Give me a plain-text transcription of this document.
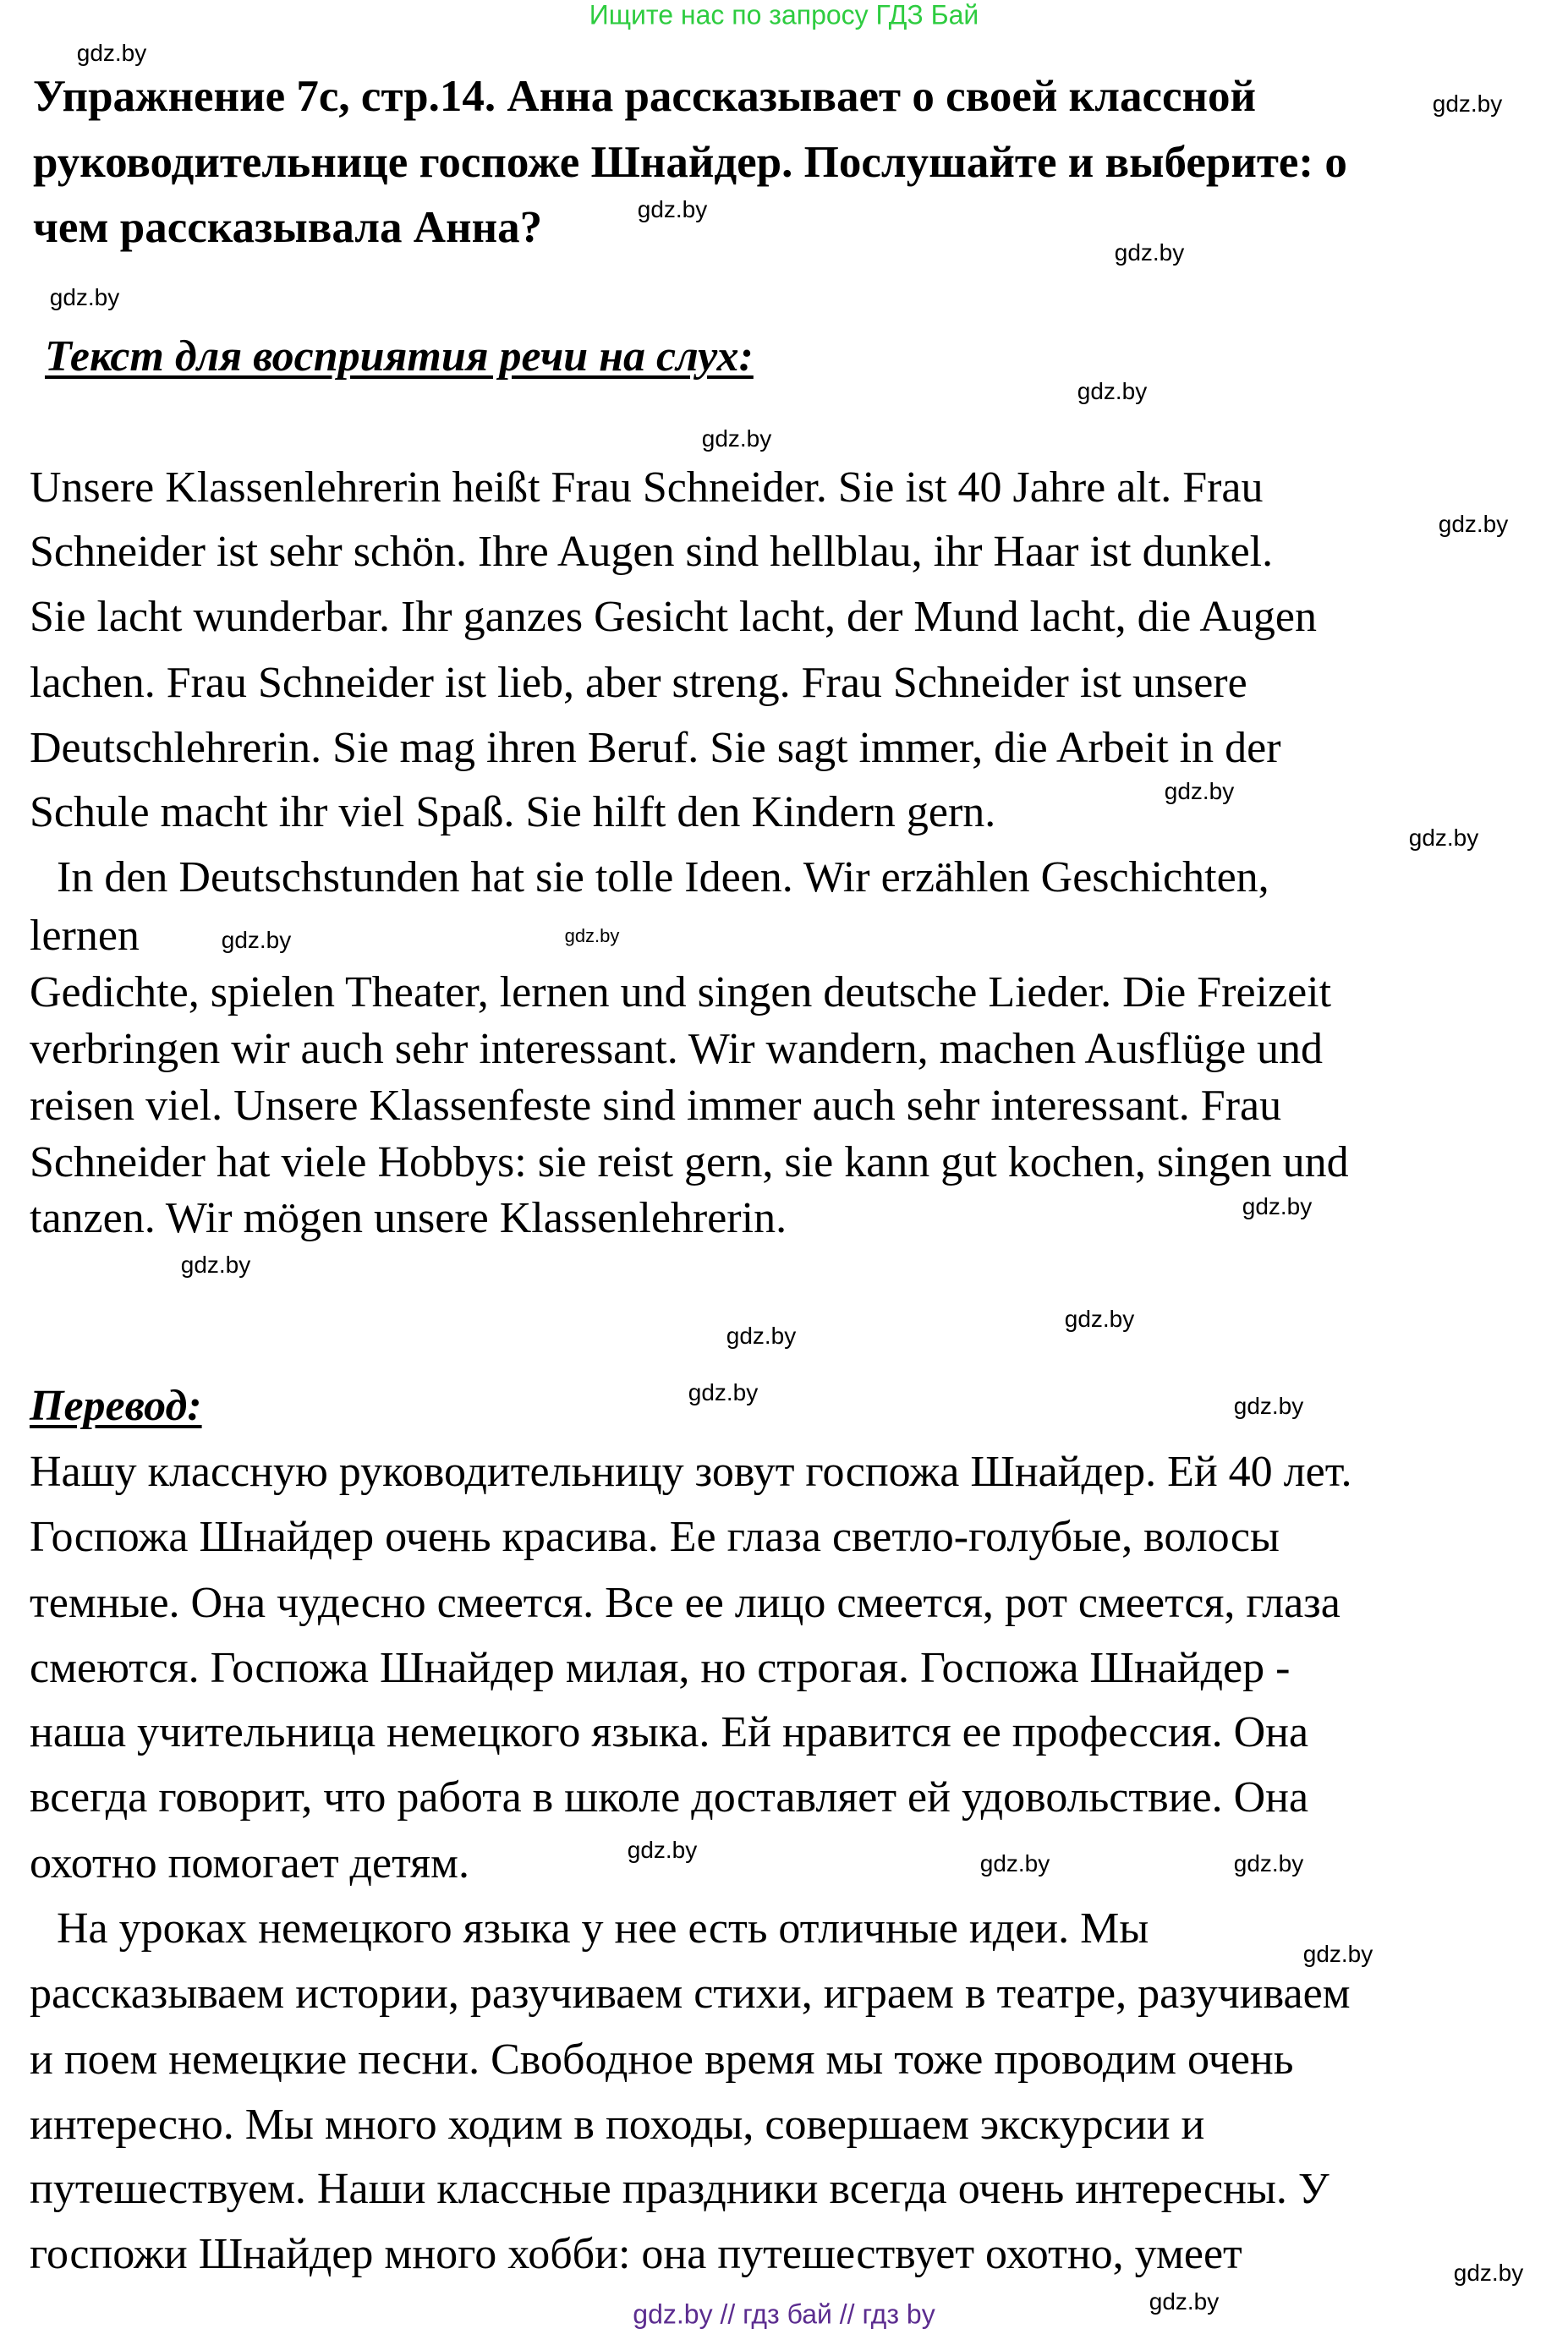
Ищите нас по запросу ГДЗ Бай
Упражнение 7с, стр.14. Анна рассказывает о своей классной
руководительнице госпоже Шнайдер. Послушайте и выберите: о
чем рассказывала Анна?
Текст для восприятия речи на слух:
Unsere Klassenlehrerin heißt Frau Schneider. Sie ist 40 Jahre alt. Frau
Schneider ist sehr schön. Ihre Augen sind hellblau, ihr Haar ist dunkel.
Sie lacht wunderbar. Ihr ganzes Gesicht lacht, der Mund lacht, die Augen
lachen. Frau Schneider ist lieb, aber streng. Frau Schneider ist unsere
Deutschlehrerin. Sie mag ihren Beruf. Sie sagt immer, die Arbeit in der
Schule macht ihr viel Spaß. Sie hilft den Kindern gern.
In den Deutschstunden hat sie tolle Ideen. Wir erzählen Geschichten,
lernen
Gedichte, spielen Theater, lernen und singen deutsche Lieder. Die Freizeit
verbringen wir auch sehr interessant. Wir wandern, machen Ausflüge und
reisen viel. Unsere Klassenfeste sind immer auch sehr interessant. Frau
Schneider hat viele Hobbys: sie reist gern, sie kann gut kochen, singen und
tanzen. Wir mögen unsere Klassenlehrerin.
Перевод:
Нашу классную руководительницу зовут госпожа Шнайдер. Ей 40 лет.
Госпожа Шнайдер очень красива. Ее глаза светло-голубые, волосы
темные. Она чудесно смеется. Все ее лицо смеется, рот смеется, глаза
смеются. Госпожа Шнайдер милая, но строгая. Госпожа Шнайдер -
наша учительница немецкого языка. Ей нравится ее профессия. Она
всегда говорит, что работа в школе доставляет ей удовольствие. Она
охотно помогает детям.
На уроках немецкого языка у нее есть отличные идеи. Мы
рассказываем истории, разучиваем стихи, играем в театре, разучиваем
и поем немецкие песни. Свободное время мы тоже проводим очень
интересно. Мы много ходим в походы, совершаем экскурсии и
путешествуем. Наши классные праздники всегда очень интересны. У
госпожи Шнайдер много хобби: она путешествует охотно, умеет
gdz.by
gdz.by
gdz.by
gdz.by
gdz.by
gdz.by
gdz.by
gdz.by
gdz.by
gdz.by
gdz.by	gdz.by
gdz.by
gdz.by
gdz.by
gdz.by
gdz.by
gdz.by
gdz.by
gdz.by
gdz.by
gdz.by
gdz.by
gdz.by
gdz.by // гдз бай // гдз by
